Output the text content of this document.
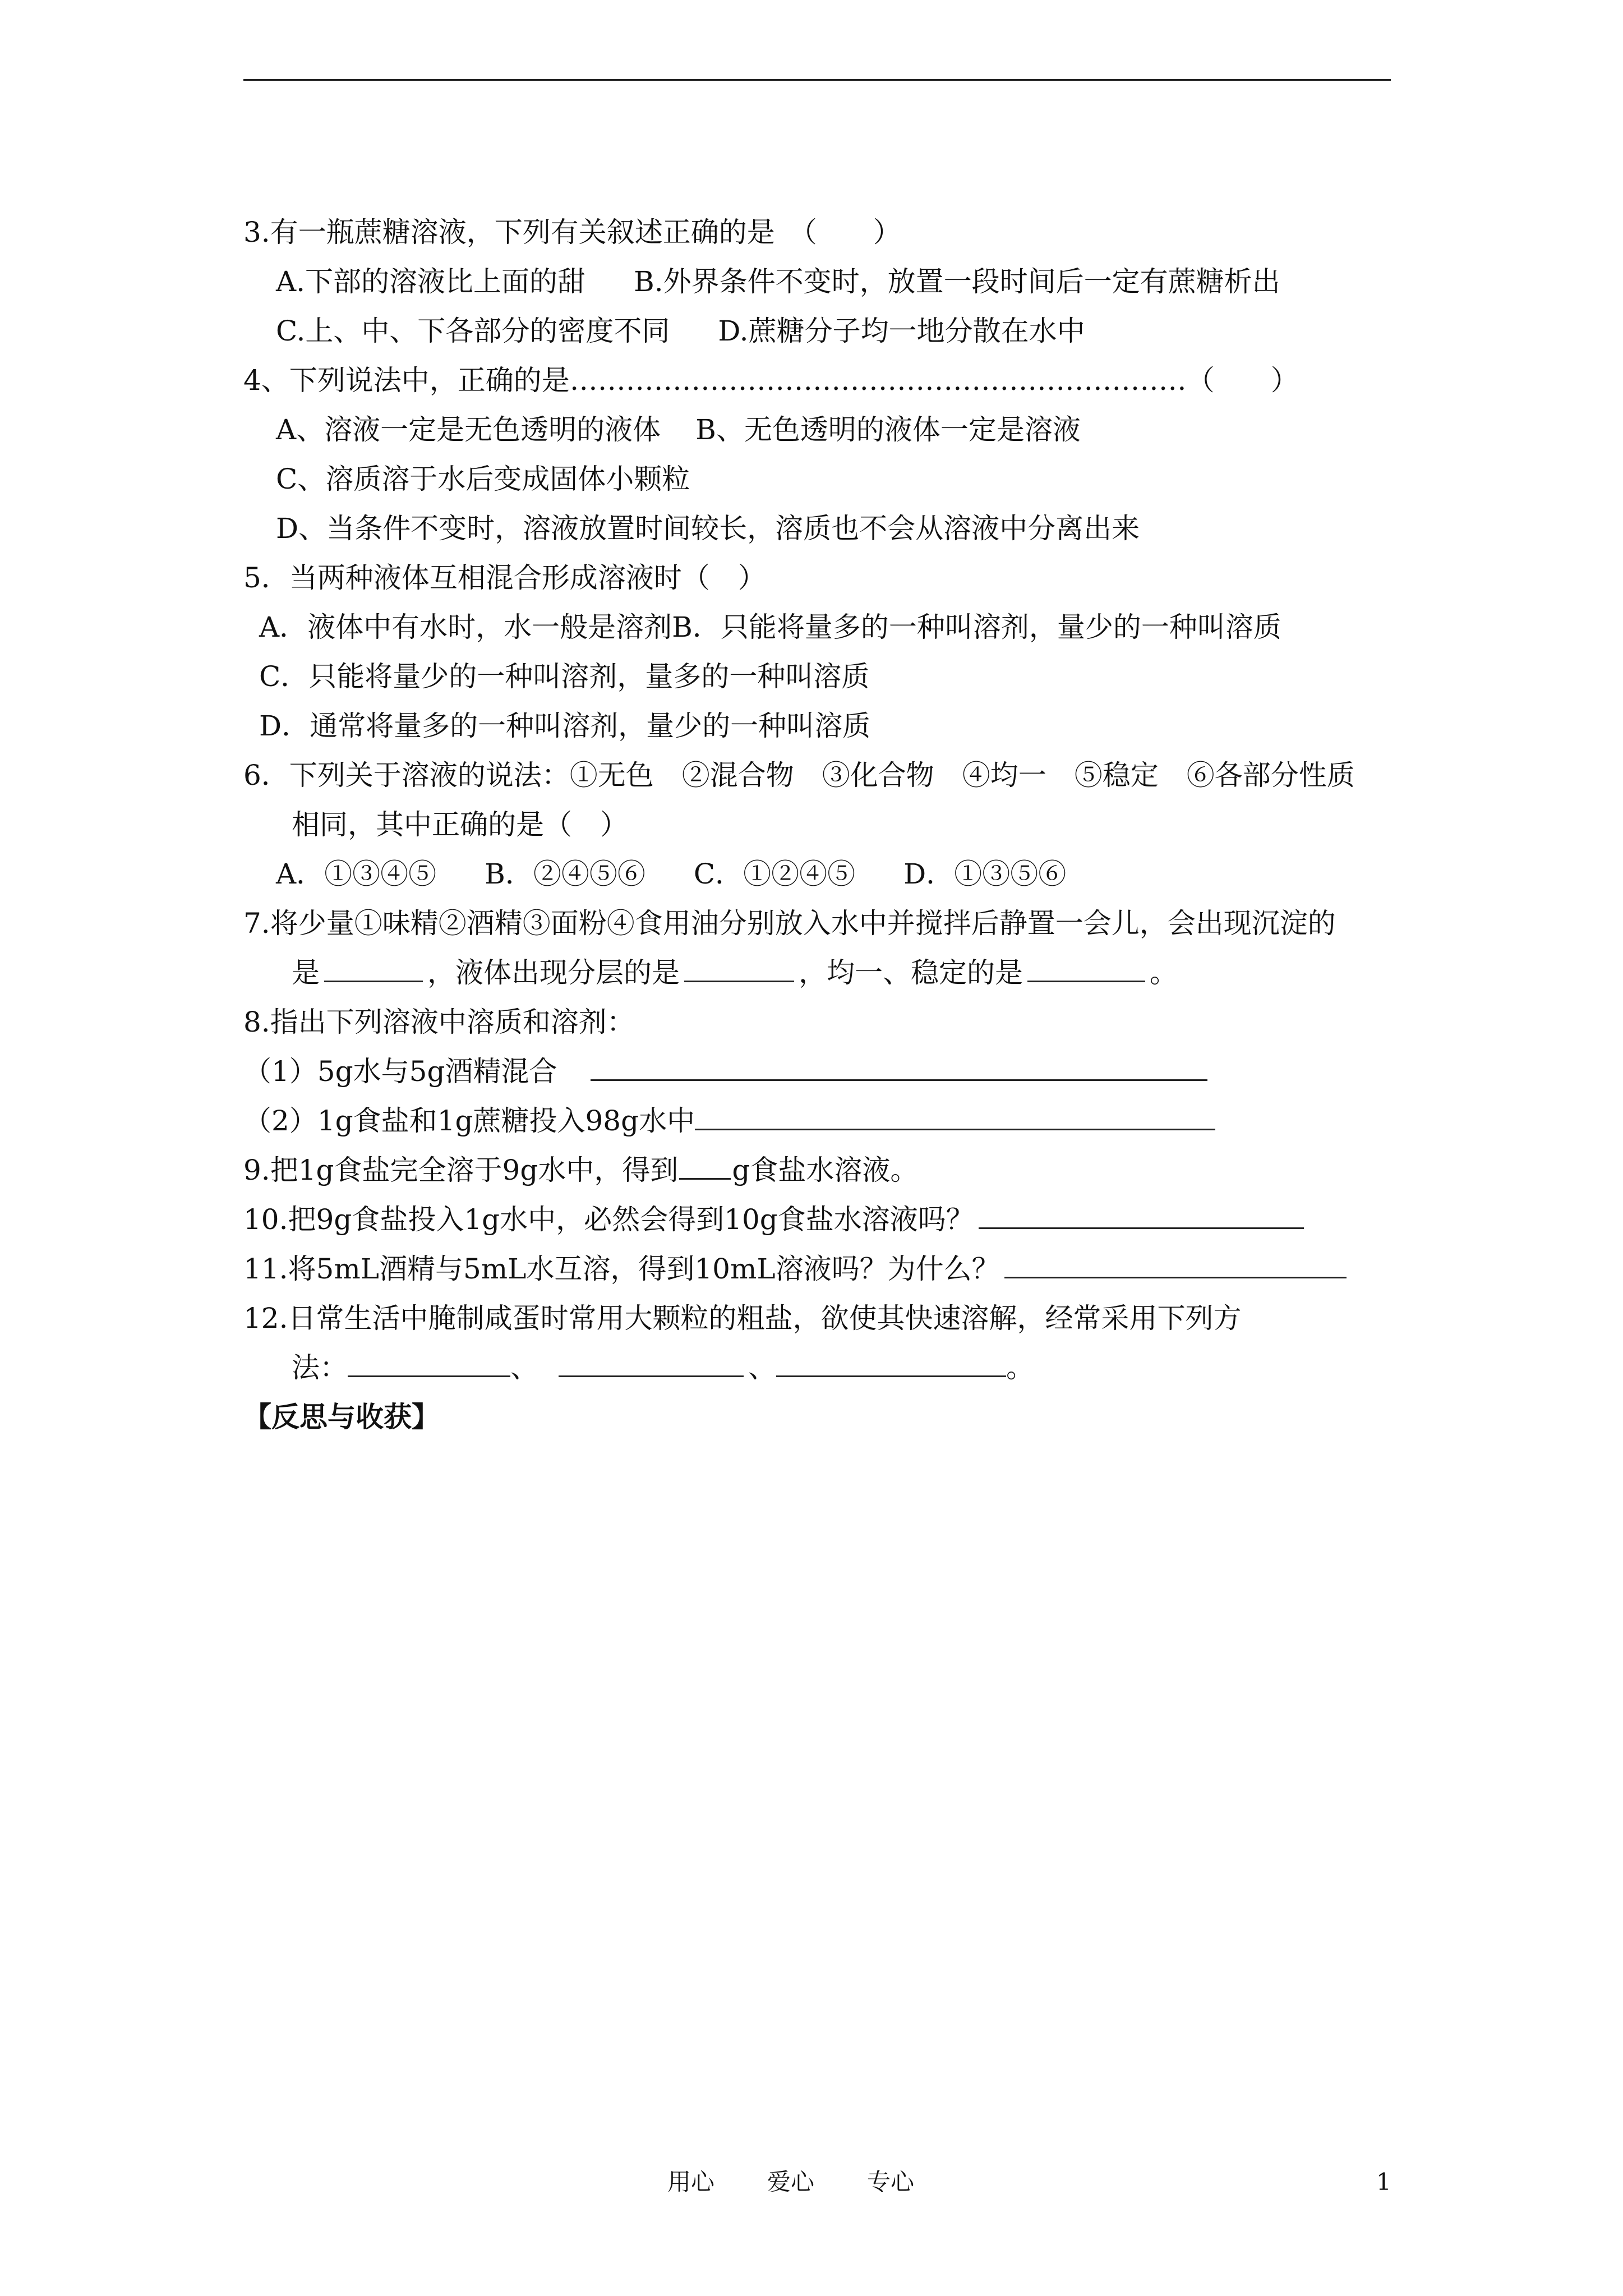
3.有一瓶蔗糖溶液，下列有关叙述正确的是　（　　）
A.下部的溶液比上面的甜 B.外界条件不变时，放置一段时间后一定有蔗糖析出
C.上、中、下各部分的密度不同 D.蔗糖分子均一地分散在水中
4、下列说法中，正确的是…………………………………………………………（　　）
A、溶液一定是无色透明的液体 B、无色透明的液体一定是溶液
C、溶质溶于水后变成固体小颗粒
D、当条件不变时，溶液放置时间较长，溶质也不会从溶液中分离出来
5．当两种液体互相混合形成溶液时（　）
A．液体中有水时，水一般是溶剂B．只能将量多的一种叫溶剂，量少的一种叫溶质
C．只能将量少的一种叫溶剂，量多的一种叫溶质
D．通常将量多的一种叫溶剂，量少的一种叫溶质
6．下列关于溶液的说法：①无色　②混合物　③化合物　④均一　⑤稳定　⑥各部分性质
相同，其中正确的是（　）
A．①③④⑤ B．②④⑤⑥ C．①②④⑤ D．①③⑤⑥
7.将少量①味精②酒精③面粉④食用油分别放入水中并搅拌后静置一会儿，会出现沉淀的
是	，液体出现分层的是	，均一、稳定的是	。
8.指出下列溶液中溶质和溶剂：
（1）5g水与5g酒精混合
（2）1g食盐和1g蔗糖投入98g水中
9.把1g食盐完全溶于9g水中，得到 g食盐水溶液。
10.把9g食盐投入1g水中，必然会得到10g食盐水溶液吗？
11.将5mL酒精与5mL水互溶，得到10mL溶液吗？为什么？
12.日常生活中腌制咸蛋时常用大颗粒的粗盐，欲使其快速溶解，经常采用下列方
法：	、	、	。
【反思与收获】
用心 爱心 专心	1
